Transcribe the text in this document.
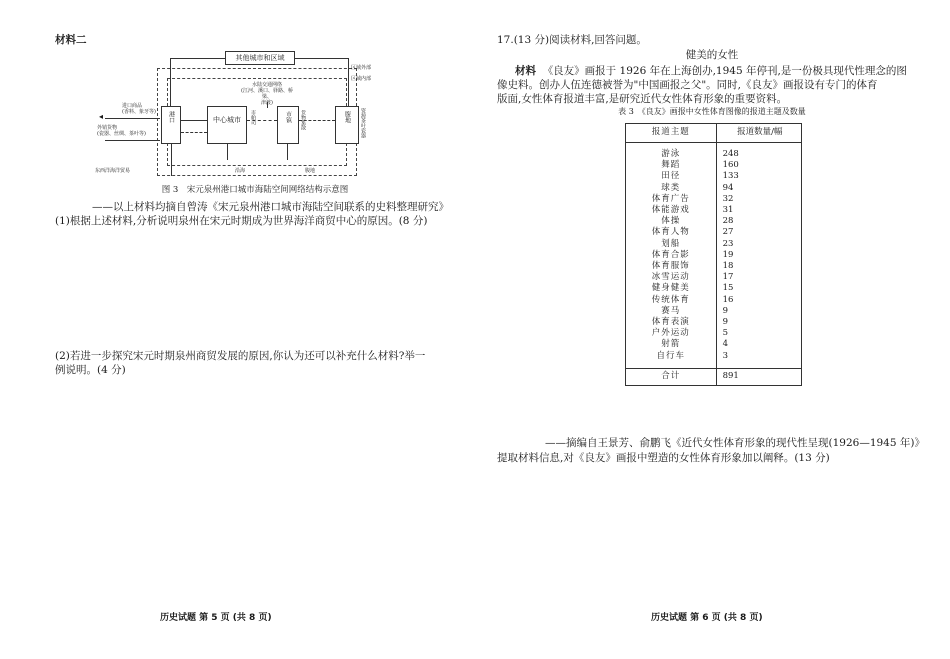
材料二
其他城市和区域
区域外部
区域内部
水陆交通网络
(江河、溪口、驿路、桥梁、
津渡)
进口商品
(香料、象牙等)
外销货物
(瓷器、丝绸、茶叶等)
◂	港口	中心城市	市舶司	市镇 货物集散	腹地 资源茶叶瓷器
东西洋海洋贸易	沿海	腹地
图 3　宋元泉州港口城市海陆空间网络结构示意图
——以上材料均摘自曾涛《宋元泉州港口城市海陆空间联系的史料整理研究》
(1)根据上述材料,分析说明泉州在宋元时期成为世界海洋商贸中心的原因。(8 分)
(2)若进一步探究宋元时期泉州商贸发展的原因,你认为还可以补充什么材料?举一
例说明。(4 分)
历史试题 第 5 页 (共 8 页)
17.(13 分)阅读材料,回答问题。
健美的女性
材料 《良友》画报于 1926 年在上海创办,1945 年停刊,是一份极具现代性理念的图
像史料。创办人伍连德被誉为"中国画报之父"。同时,《良友》画报设有专门的体育
版面,女性体育报道丰富,是研究近代女性体育形象的重要资料。
表 3　《良友》画报中女性体育图像的报道主题及数量
报道主题	报道数量/幅

游泳	248
舞蹈	160
田径	133
球类	94
体育广告	32
体能游戏	31
体操	28
体育人物	27
划船	23
体育合影	19
体育服饰	18
冰雪运动	17
健身健美	15
传统体育	16
赛马	9
体育表演	9
户外运动	5
射箭	4
自行车	3

合计	891
——摘编自王景芳、俞鹏飞《近代女性体育形象的现代性呈现(1926—1945 年)》
提取材料信息,对《良友》画报中塑造的女性体育形象加以阐释。(13 分)
历史试题 第 6 页 (共 8 页)
